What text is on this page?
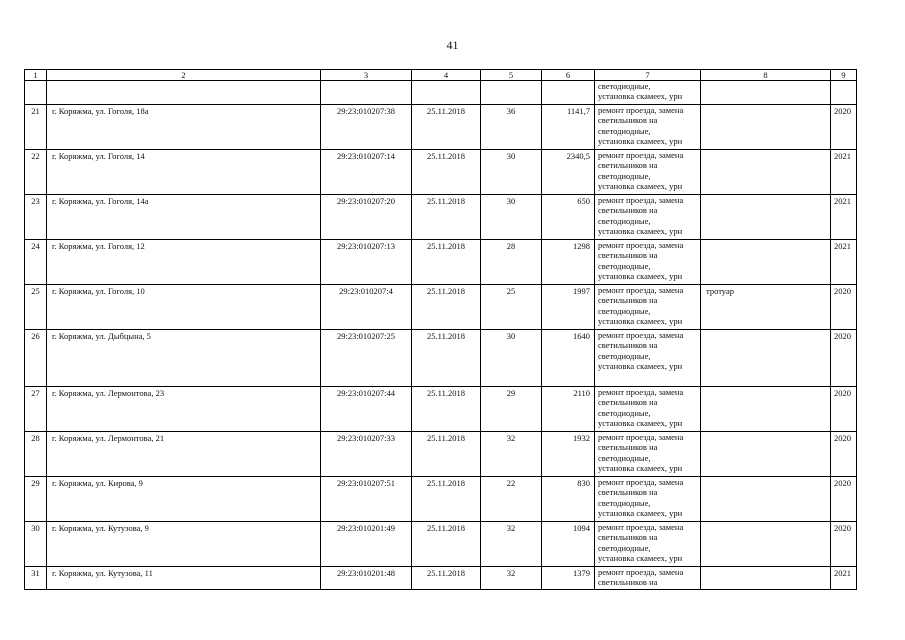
41
1	2	3	4	5	6	7	8	9

						светодиодные,
установка скамеех, урн		

21	г. Коряжма, ул. Гоголя, 18а	29:23:010207:38	25.11.2018	36	1141,7	ремонт проезда, замена
светильников на
светодиодные,
установка скамеех, урн		2020
22	г. Коряжма, ул. Гоголя, 14	29:23:010207:14	25.11.2018	30	2340,5	ремонт проезда, замена
светильников на
светодиодные,
установка скамеех, урн		2021
23	г. Коряжма, ул. Гоголя, 14а	29:23:010207:20	25.11.2018	30	650	ремонт проезда, замена
светильников на
светодиодные,
установка скамеех, урн		2021
24	г. Коряжма, ул. Гоголя, 12	29:23:010207:13	25.11.2018	28	1298	ремонт проезда, замена
светильников на
светодиодные,
установка скамеех, урн		2021
25	г. Коряжма, ул. Гоголя, 10	29:23:010207:4	25.11.2018	25	1997	ремонт проезда, замена
светильников на
светодиодные,
установка скамеех, урн	тротуар	2020
26	г. Коряжма, ул. Дыбцына, 5	29:23:010207:25	25.11.2018	30	1640	ремонт проезда, замена
светильников на
светодиодные,
установка скамеех, урн		2020
27	г. Коряжма, ул. Лермонтова, 23	29:23:010207:44	25.11.2018	29	2110	ремонт проезда, замена
светильников на
светодиодные,
установка скамеех, урн		2020
28	г. Коряжма, ул. Лермонтова, 21	29:23:010207:33	25.11.2018	32	1932	ремонт проезда, замена
светильников на
светодиодные,
установка скамеех, урн		2020
29	г. Коряжма, ул. Кирова, 9	29:23:010207:51	25.11.2018	22	830	ремонт проезда, замена
светильников на
светодиодные,
установка скамеех, урн		2020
30	г. Коряжма, ул. Кутузова, 9	29:23:010201:49	25.11.2018	32	1094	ремонт проезда, замена
светильников на
светодиодные,
установка скамеех, урн		2020
31	г. Коряжма, ул. Кутузова, 11	29:23:010201:48	25.11.2018	32	1379	ремонт проезда, замена
светильников на		2021
